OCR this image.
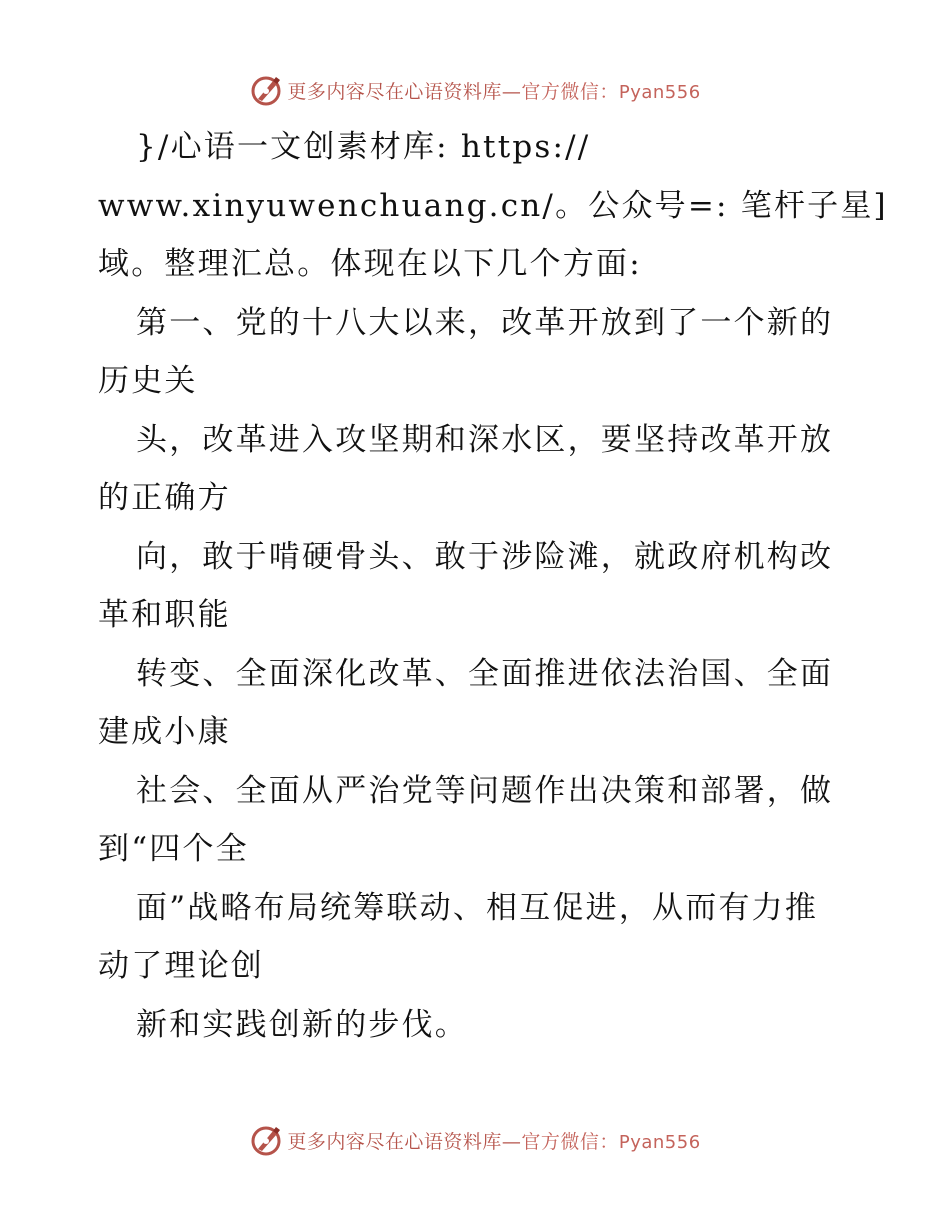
更多内容尽在心语资料库—官方微信：Pyan556
}/心语一文创素材库: https://
www.xinyuwenchuang.cn/。公众号=: 笔杆子星]
域。整理汇总。体现在以下几个方面:
第一、党的十八大以来，改革开放到了一个新的
历史关
头，改革进入攻坚期和深水区，要坚持改革开放
的正确方
向，敢于啃硬骨头、敢于涉险滩，就政府机构改
革和职能
转变、全面深化改革、全面推进依法治国、全面
建成小康
社会、全面从严治党等问题作出决策和部署，做
到“四个全
面”战略布局统筹联动、相互促进，从而有力推
动了理论创
新和实践创新的步伐。
更多内容尽在心语资料库—官方微信：Pyan556
